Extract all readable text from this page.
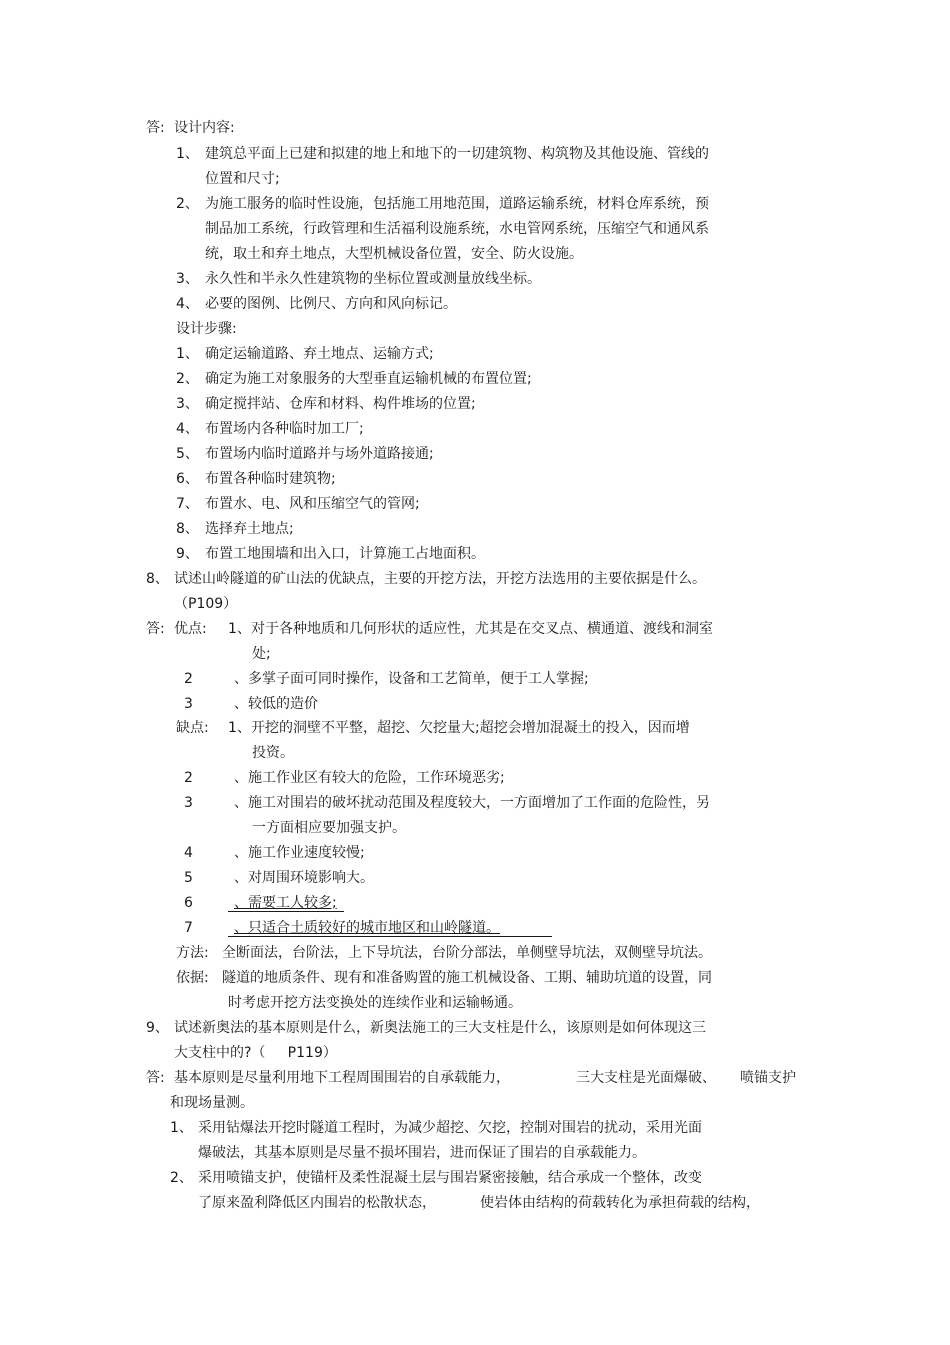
答: 设计内容:
1、 建筑总平面上已建和拟建的地上和地下的一切建筑物、构筑物及其他设施、管线的
位置和尺寸;
2、 为施工服务的临时性设施，包括施工用地范围，道路运输系统，材料仓库系统，预
制品加工系统，行政管理和生活福利设施系统，水电管网系统，压缩空气和通风系
统，取土和弃土地点，大型机械设备位置，安全、防火设施。
3、 永久性和半永久性建筑物的坐标位置或测量放线坐标。
4、 必要的图例、比例尺、方向和风向标记。
设计步骤:
1、 确定运输道路、弃土地点、运输方式;
2、 确定为施工对象服务的大型垂直运输机械的布置位置;
3、 确定搅拌站、仓库和材料、构件堆场的位置;
4、 布置场内各种临时加工厂;
5、 布置场内临时道路并与场外道路接通;
6、 布置各种临时建筑物;
7、 布置水、电、风和压缩空气的管网;
8、 选择弃土地点;
9、 布置工地围墙和出入口，计算施工占地面积。
8、 试述山岭隧道的矿山法的优缺点，主要的开挖方法，开挖方法选用的主要依据是什么。
（P109）
答: 优点: 1 、对于各种地质和几何形状的适应性，尤其是在交叉点、横通道、渡线和洞室
处;
2	、多掌子面可同时操作，设备和工艺简单，便于工人掌握;
3	、较低的造价
缺点: 1 、开挖的洞壁不平整，超挖、欠挖量大;超挖会增加混凝土的投入，因而增
投资。
2	、施工作业区有较大的危险，工作环境恶劣;
3	、施工对围岩的破坏扰动范围及程度较大，一方面增加了工作面的危险性，另
一方面相应要加强支护。
4	、施工作业速度较慢;
5	、对周围环境影响大。
6	、需要工人较多;
7	、只适合土质较好的城市地区和山岭隧道。
方法: 全断面法，台阶法，上下导坑法，台阶分部法，单侧壁导坑法，双侧壁导坑法。
依据: 隧道的地质条件、现有和准备购置的施工机械设备、工期、辅助坑道的设置，同
时考虑开挖方法变换处的连续作业和运输畅通。
9、 试述新奥法的基本原则是什么，新奥法施工的三大支柱是什么，该原则是如何体现这三
大支柱中的?（     P119）
答: 基本原则是尽量利用地下工程周围围岩的自承载能力，	三大支柱是光面爆破、 喷锚支护
和现场量测。
1、 采用钻爆法开挖时隧道工程时，为减少超挖、欠挖，控制对围岩的扰动，采用光面
爆破法，其基本原则是尽量不损坏围岩，进而保证了围岩的自承载能力。
2、 采用喷锚支护，使锚杆及柔性混凝土层与围岩紧密接触，结合承成一个整体，改变
了原来盈利降低区内围岩的松散状态，	使岩体由结构的荷载转化为承担荷载的结构，
